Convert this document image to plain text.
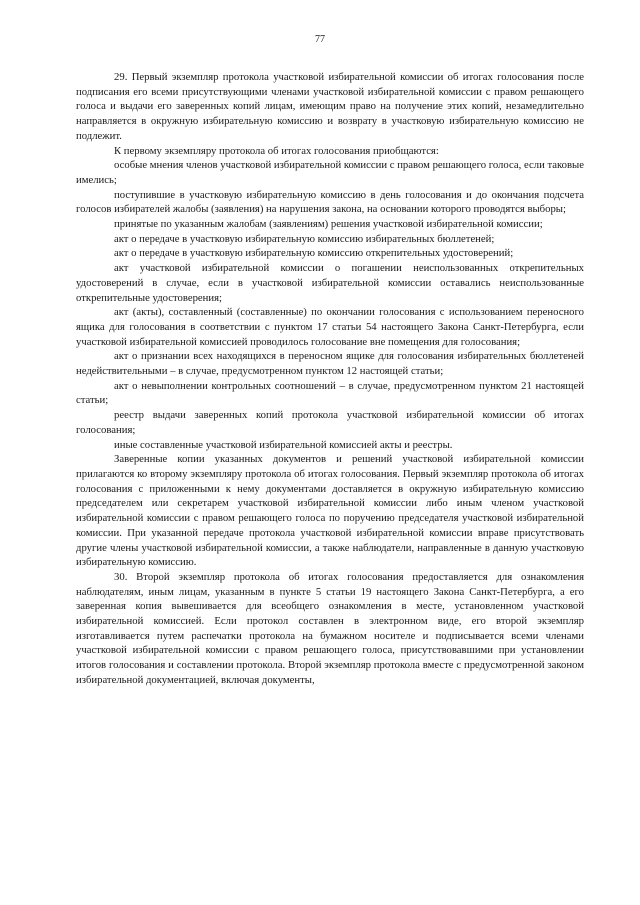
77

29. Первый экземпляр протокола участковой избирательной комиссии об итогах голосования после подписания его всеми присутствующими членами участковой избирательной комиссии с правом решающего голоса и выдачи его заверенных копий лицам, имеющим право на получение этих копий, незамедлительно направляется в окружную избирательную комиссию и возврату в участковую избирательную комиссию не подлежит.

К первому экземпляру протокола об итогах голосования приобщаются:

особые мнения членов участковой избирательной комиссии с правом решающего голоса, если таковые имелись;

поступившие в участковую избирательную комиссию в день голосования и до окончания подсчета голосов избирателей жалобы (заявления) на нарушения закона, на основании которого проводятся выборы;

принятые по указанным жалобам (заявлениям) решения участковой избирательной комиссии;

акт о передаче в участковую избирательную комиссию избирательных бюллетеней;

акт о передаче в участковую избирательную комиссию открепительных удостоверений;

акт участковой избирательной комиссии о погашении неиспользованных открепительных удостоверений в случае, если в участковой избирательной комиссии оставались неиспользованные открепительные удостоверения;

акт (акты), составленный (составленные) по окончании голосования с использованием переносного ящика для голосования в соответствии с пунктом 17 статьи 54 настоящего Закона Санкт-Петербурга, если участковой избирательной комиссией проводилось голосование вне помещения для голосования;

акт о признании всех находящихся в переносном ящике для голосования избирательных бюллетеней недействительными – в случае, предусмотренном пунктом 12 настоящей статьи;

акт о невыполнении контрольных соотношений – в случае, предусмотренном пунктом 21 настоящей статьи;

реестр выдачи заверенных копий протокола участковой избирательной комиссии об итогах голосования;

иные составленные участковой избирательной комиссией акты и реестры.

Заверенные копии указанных документов и решений участковой избирательной комиссии прилагаются ко второму экземпляру протокола об итогах голосования. Первый экземпляр протокола об итогах голосования с приложенными к нему документами доставляется в окружную избирательную комиссию председателем или секретарем участковой избирательной комиссии либо иным членом участковой избирательной комиссии с правом решающего голоса по поручению председателя участковой избирательной комиссии. При указанной передаче протокола участковой избирательной комиссии вправе присутствовать другие члены участковой избирательной комиссии, а также наблюдатели, направленные в данную участковую избирательную комиссию.

30. Второй экземпляр протокола об итогах голосования предоставляется для ознакомления наблюдателям, иным лицам, указанным в пункте 5 статьи 19 настоящего Закона Санкт-Петербурга, а его заверенная копия вывешивается для всеобщего ознакомления в месте, установленном участковой избирательной комиссией. Если протокол составлен в электронном виде, его второй экземпляр изготавливается путем распечатки протокола на бумажном носителе и подписывается всеми членами участковой избирательной комиссии с правом решающего голоса, присутствовавшими при установлении итогов голосования и составлении протокола. Второй экземпляр протокола вместе с предусмотренной законом избирательной документацией, включая документы,
